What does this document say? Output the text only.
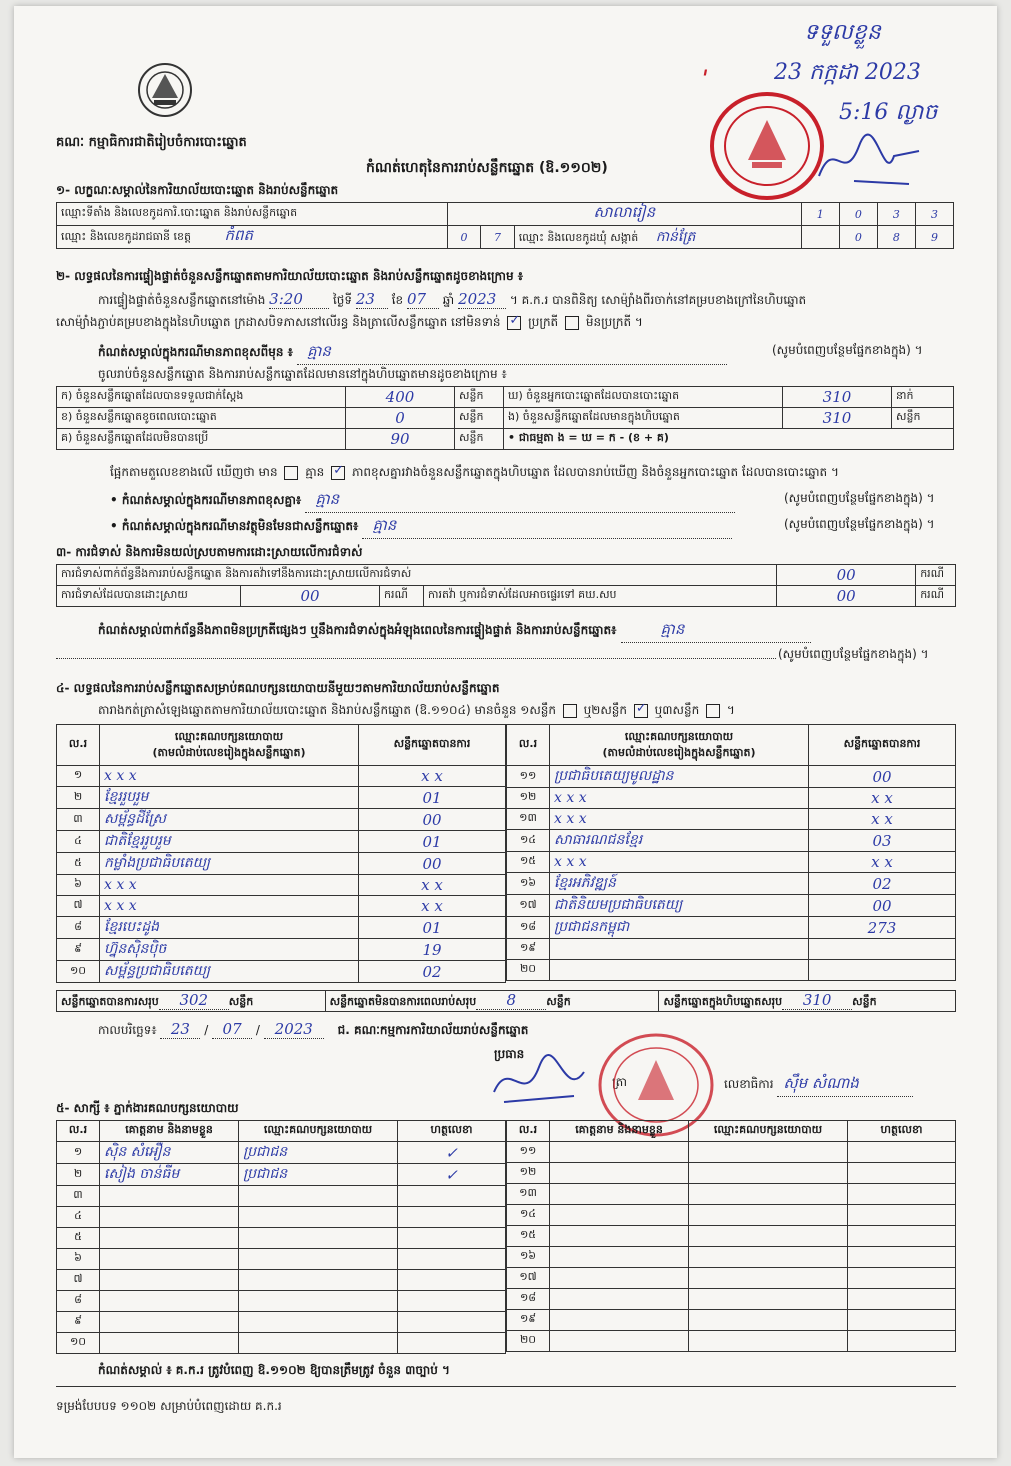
គណៈ កម្មាធិការជាតិរៀបចំការបោះឆ្នោត
ទទួលខ្លួន
23 កក្កដា 2023
5:16 ល្ងាច
ˈ
កំណត់ហេតុនៃការរាប់សន្លឹកឆ្នោត (ឱ.១១០២)
១- លក្ខណៈសម្គាល់នៃការិយាល័យបោះឆ្នោត និងរាប់សន្លឹកឆ្នោត
ឈ្មោះទីតាំង និងលេខកូដការិ.បោះឆ្នោត និងរាប់សន្លឹកឆ្នោត	សាលារៀន			1	0	3	3
ឈ្មោះ និងលេខកូដរាជធានី ខេត្ត កំពត	0	7	ឈ្មោះ និងលេខកូដឃុំ សង្កាត់ កាន់ត្រែ		0	8	9
២- លទ្ធផលនៃការផ្ទៀងផ្ទាត់ចំនួនសន្លឹកឆ្នោតតាមការិយាល័យបោះឆ្នោត និងរាប់សន្លឹកឆ្នោតដូចខាងក្រោម ៖
ការផ្ទៀងផ្ទាត់ចំនួនសន្លឹកឆ្នោតនៅម៉ោង 3:20	ថ្ងៃទី 23 ខែ 07 ឆ្នាំ 2023 ។ គ.ក.រ បានពិនិត្យ សោម៉្យាំងពីរចាក់នៅគម្របខាងក្រៅនៃហិបឆ្នោត
សោម៉្យាំងភ្ជាប់គម្របខាងក្នុងនៃហិបឆ្នោត ក្រដាសបិទភាសនៅលើរន្ធ និងត្រាលើសន្លឹកឆ្នោត នៅមិនទាន់ ✓ ប្រក្រតី មិនប្រក្រតី ។
កំណត់សម្គាល់ក្នុងករណីមានភាពខុសពីមុន ៖ គ្មាន	(សូមបំពេញបន្ថែមផ្នែកខាងក្នុង) ។
ចូលរាប់ចំនួនសន្លឹកឆ្នោត និងការរាប់សន្លឹកឆ្នោតដែលមាននៅក្នុងហិបឆ្នោតមានដូចខាងក្រោម ៖
ក) ចំនួនសន្លឹកឆ្នោតដែលបានទទួលជាក់ស្តែង	400	សន្លឹក	ឃ) ចំនួនអ្នកបោះឆ្នោតដែលបានបោះឆ្នោត	310	នាក់
ខ) ចំនួនសន្លឹកឆ្នោតខូចពេលបោះឆ្នោត	0	សន្លឹក	ង) ចំនួនសន្លឹកឆ្នោតដែលមានក្នុងហិបឆ្នោត	310	សន្លឹក
គ) ចំនួនសន្លឹកឆ្នោតដែលមិនបានប្រើ	90	សន្លឹក	• ជាធម្មតា ង = ឃ = ក - (ខ + គ)		
ផ្អែកតាមតួលេខខាងលើ ឃើញថា មាន គ្មាន ✓ ភាពខុសគ្នារវាងចំនួនសន្លឹកឆ្នោតក្នុងហិបឆ្នោត ដែលបានរាប់ឃើញ និងចំនួនអ្នកបោះឆ្នោត ដែលបានបោះឆ្នោត ។
• កំណត់សម្គាល់ក្នុងករណីមានភាពខុសគ្នា៖ គ្មាន	(សូមបំពេញបន្ថែមផ្នែកខាងក្នុង) ។
• កំណត់សម្គាល់ក្នុងករណីមានវត្ថុមិនមែនជាសន្លឹកឆ្នោត៖ គ្មាន	(សូមបំពេញបន្ថែមផ្នែកខាងក្នុង) ។
៣- ការជំទាស់ និងការមិនយល់ស្របតាមការដោះស្រាយលើការជំទាស់
ការជំទាស់ពាក់ព័ន្ធនឹងការរាប់សន្លឹកឆ្នោត និងការតវ៉ាទៅនឹងការដោះស្រាយលើការជំទាស់				00	ករណី
ការជំទាស់ដែលបានដោះស្រាយ	00	ករណី	ការតវ៉ា ឬការជំទាស់ដែលអាចផ្ទេរទៅ គឃ.សប	00	ករណី
កំណត់សម្គាល់ពាក់ព័ន្ធនឹងភាពមិនប្រក្រតីផ្សេងៗ ឬនឹងការជំទាស់ក្នុងអំឡុងពេលនៃការផ្ទៀងផ្ទាត់ និងការរាប់សន្លឹកឆ្នោត៖	គ្មាន
(សូមបំពេញបន្ថែមផ្នែកខាងក្នុង) ។
៤- លទ្ធផលនៃការរាប់សន្លឹកឆ្នោតសម្រាប់គណបក្សនយោបាយនីមួយៗតាមការិយាល័យរាប់សន្លឹកឆ្នោត
តារាងកត់ត្រាសំឡេងឆ្នោតតាមការិយាល័យបោះឆ្នោត និងរាប់សន្លឹកឆ្នោត (ឱ.១១០៤) មានចំនួន ១សន្លឹក ឬ២សន្លឹក ✓ ឬ៣សន្លឹក  ។
ល.រ	ឈ្មោះគណបក្សនយោបាយ
(តាមលំដាប់លេខរៀងក្នុងសន្លឹកឆ្នោត)	សន្លឹកឆ្នោតបានការ
១	x x x	x x
២	ខ្មែររួបរួម	01
៣	សម្ព័ន្ធដីស្រែ	00
៤	ជាតិខ្មែររួបរួម	01
៥	កម្លាំងប្រជាធិបតេយ្យ	00
៦	x x x	x x
៧	x x x	x x
៨	ខ្មែរបេះដូង	01
៩	ហ្វ៊ុនស៊ិនប៉ិច	19
១០	សម្ព័ន្ធប្រជាធិបតេយ្យ	02
ល.រ	ឈ្មោះគណបក្សនយោបាយ
(តាមលំដាប់លេខរៀងក្នុងសន្លឹកឆ្នោត)	សន្លឹកឆ្នោតបានការ
១១	ប្រជាធិបតេយ្យមូលដ្ឋាន	00
១២	x x x	x x
១៣	x x x	x x
១៤	សាធារណជនខ្មែរ	03
១៥	x x x	x x
១៦	ខ្មែរអភិវឌ្ឍន៍	02
១៧	ជាតិនិយមប្រជាធិបតេយ្យ	00
១៨	ប្រជាជនកម្ពុជា	273
១៩		
២០		
សន្លឹកឆ្នោតបានការសរុប 302 សន្លឹក	សន្លឹកឆ្នោតមិនបានការពេលរាប់សរុប 8	សន្លឹក	សន្លឹកឆ្នោតក្នុងហិបឆ្នោតសរុប 310 សន្លឹក
កាលបរិច្ឆេទ៖ 23 / 07 / 2023 ជ. គណៈកម្មការការិយាល័យរាប់សន្លឹកឆ្នោត
ប្រធាន
ត្រា	លេខាធិការ ស៊ឹម សំណាង
៥- សាក្សី ៖ ភ្នាក់ងារគណបក្សនយោបាយ
ល.រ	គោត្តនាម និងនាមខ្លួន	ឈ្មោះគណបក្សនយោបាយ	ហត្ថលេខា
១	ស៊ិន សំអឿន	ប្រជាជន	✓
២	សៀង ចាន់ធីម	ប្រជាជន	✓
៣			
៤			
៥			
៦			
៧			
៨			
៩			
១០			
ល.រ	គោត្តនាម និងនាមខ្លួន	ឈ្មោះគណបក្សនយោបាយ	ហត្ថលេខា
១១			
១២			
១៣			
១៤			
១៥			
១៦			
១៧			
១៨			
១៩			
២០			
កំណត់សម្គាល់ ៖ គ.ក.រ ត្រូវបំពេញ ឱ.១១០២ ឱ្យបានត្រឹមត្រូវ ចំនួន ៣ច្បាប់ ។
ទម្រង់បែបបទ ១១០២ សម្រាប់បំពេញដោយ គ.ក.រ
